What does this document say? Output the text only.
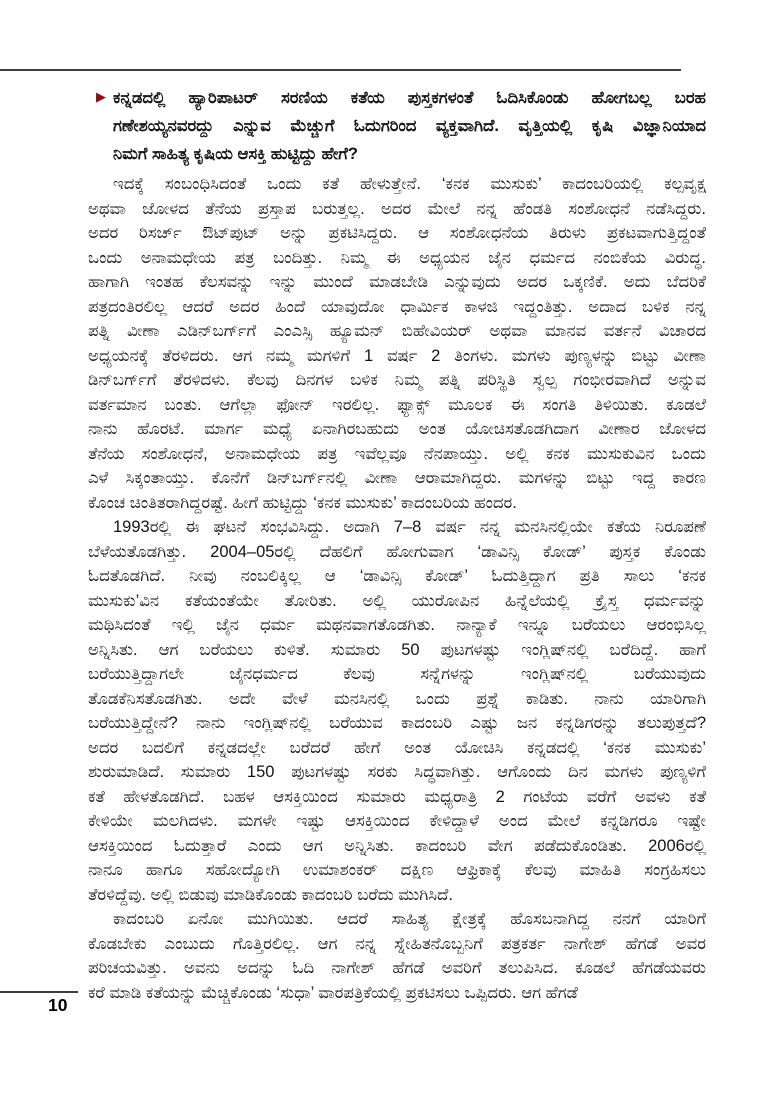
▶ ಕನ್ನಡದಲ್ಲಿ ಹ್ಯಾರಿಪಾಟರ್ ಸರಣಿಯ ಕತೆಯ ಪುಸ್ತಕಗಳಂತೆ ಓದಿಸಿಕೊಂಡು ಹೋಗಬಲ್ಲ ಬರಹ
ಗಣೇಶಯ್ಯನವರದ್ದು ಎನ್ನುವ ಮೆಚ್ಚುಗೆ ಓದುಗರಿಂದ ವ್ಯಕ್ತವಾಗಿದೆ. ವೃತ್ತಿಯಲ್ಲಿ ಕೃಷಿ ವಿಜ್ಞಾನಿಯಾದ
ನಿಮಗೆ ಸಾಹಿತ್ಯ ಕೃಷಿಯ ಆಸಕ್ತಿ ಹುಟ್ಟಿದ್ದು ಹೇಗೆ?
ಇದಕ್ಕೆ ಸಂಬಂಧಿಸಿದಂತೆ ಒಂದು ಕತೆ ಹೇಳುತ್ತೇನೆ. ‘ಕನಕ ಮುಸುಕು’ ಕಾದಂಬರಿಯಲ್ಲಿ ಕಲ್ಪವೃಕ್ಷ
ಅಥವಾ ಜೋಳದ ತೆನೆಯ ಪ್ರಸ್ತಾಪ ಬರುತ್ತಲ್ಲ. ಅದರ ಮೇಲೆ ನನ್ನ ಹೆಂಡತಿ ಸಂಶೋಧನೆ ನಡೆಸಿದ್ದರು.
ಅದರ ರಿಸರ್ಚ್ ಔಟ್‌ಪುಟ್ ಅನ್ನು ಪ್ರಕಟಿಸಿದ್ದರು. ಆ ಸಂಶೋಧನೆಯ ತಿರುಳು ಪ್ರಕಟವಾಗುತ್ತಿದ್ದಂತೆ
ಒಂದು ಅನಾಮಧೇಯ ಪತ್ರ ಬಂದಿತ್ತು. ನಿಮ್ಮ ಈ ಅಧ್ಯಯನ ಜೈನ ಧರ್ಮದ ನಂಬಿಕೆಯ ವಿರುದ್ಧ.
ಹಾಗಾಗಿ ಇಂತಹ ಕೆಲಸವನ್ನು ಇನ್ನು ಮುಂದೆ ಮಾಡಬೇಡಿ ಎನ್ನುವುದು ಅದರ ಒಕ್ಕಣಿಕೆ. ಅದು ಬೆದರಿಕೆ
ಪತ್ರದಂತಿರಲಿಲ್ಲ ಆದರೆ ಅದರ ಹಿಂದೆ ಯಾವುದೋ ಧಾರ್ಮಿಕ ಕಾಳಜಿ ಇದ್ದಂತಿತ್ತು. ಅದಾದ ಬಳಿಕ ನನ್ನ
ಪತ್ನಿ ವೀಣಾ ಎಡಿನ್‌ಬರ್ಗ್‌ಗೆ ಎಂಎಸ್ಸಿ ಹ್ಯೂಮನ್ ಬಿಹೇವಿಯರ್ ಅಥವಾ ಮಾನವ ವರ್ತನೆ ವಿಚಾರದ
ಅಧ್ಯಯನಕ್ಕೆ ತೆರಳಿದರು. ಆಗ ನಮ್ಮ ಮಗಳಿಗೆ 1 ವರ್ಷ 2 ತಿಂಗಳು. ಮಗಳು ಪುಣ್ಯಳನ್ನು ಬಿಟ್ಟು ವೀಣಾ
ಡಿನ್‌ಬರ್ಗ್‌ಗೆ ತೆರಳಿದಳು. ಕೆಲವು ದಿನಗಳ ಬಳಿಕ ನಿಮ್ಮ ಪತ್ನಿ ಪರಿಸ್ಥಿತಿ ಸ್ವಲ್ಪ ಗಂಭೀರವಾಗಿದೆ ಅನ್ನುವ
ವರ್ತಮಾನ ಬಂತು. ಆಗೆಲ್ಲಾ ಫೋನ್ ಇರಲಿಲ್ಲ. ಫ್ಯಾಕ್ಸ್ ಮೂಲಕ ಈ ಸಂಗತಿ ತಿಳಿಯಿತು. ಕೂಡಲೆ
ನಾನು ಹೊರಟೆ. ಮಾರ್ಗ ಮಧ್ಯೆ ಏನಾಗಿರಬಹುದು ಅಂತ ಯೋಚಿಸತೊಡಗಿದಾಗ ವೀಣಾರ ಜೋಳದ
ತೆನೆಯ ಸಂಶೋಧನೆ, ಅನಾಮಧೇಯ ಪತ್ರ ಇವೆಲ್ಲವೂ ನೆನಪಾಯ್ತು. ಅಲ್ಲಿ ಕನಕ ಮುಸುಕುವಿನ ಒಂದು
ಎಳೆ ಸಿಕ್ಕಂತಾಯ್ತು. ಕೊನೆಗೆ ಡಿನ್‌ಬರ್ಗ್‌ನಲ್ಲಿ ವೀಣಾ ಆರಾಮಾಗಿದ್ದರು. ಮಗಳನ್ನು ಬಿಟ್ಟು ಇದ್ದ ಕಾರಣ
ಕೊಂಚ ಚಿಂತಿತರಾಗಿದ್ದರಷ್ಟೆ. ಹೀಗೆ ಹುಟ್ಟಿದ್ದು ‘ಕನಕ ಮುಸುಕು’ ಕಾದಂಬರಿಯ ಹಂದರ.
1993ರಲ್ಲಿ ಈ ಘಟನೆ ಸಂಭವಿಸಿದ್ದು. ಅದಾಗಿ 7–8 ವರ್ಷ ನನ್ನ ಮನಸಿನಲ್ಲಿಯೇ ಕತೆಯ ನಿರೂಪಣೆ
ಬೆಳೆಯತೊಡಗಿತ್ತು. 2004–05ರಲ್ಲಿ ದೆಹಲಿಗೆ ಹೋಗುವಾಗ ‘ಡಾವಿನ್ಸಿ ಕೋಡ್’ ಪುಸ್ತಕ ಕೊಂಡು
ಓದತೊಡಗಿದೆ. ನೀವು ನಂಬಲಿಕ್ಕಿಲ್ಲ ಆ ‘ಡಾವಿನ್ಸಿ ಕೋಡ್’ ಓದುತ್ತಿದ್ದಾಗ ಪ್ರತಿ ಸಾಲು ‘ಕನಕ
ಮುಸುಕು’ವಿನ ಕತೆಯಂತೆಯೇ ತೋರಿತು. ಅಲ್ಲಿ ಯುರೋಪಿನ ಹಿನ್ನೆಲೆಯಲ್ಲಿ ಕ್ರೈಸ್ತ ಧರ್ಮವನ್ನು
ಮಥಿಸಿದಂತೆ ಇಲ್ಲಿ ಜೈನ ಧರ್ಮ ಮಥನವಾಗತೊಡಗಿತು. ನಾನ್ಯಾಕೆ ಇನ್ನೂ ಬರೆಯಲು ಆರಂಭಿಸಿಲ್ಲ
ಅನ್ನಿಸಿತು. ಆಗ ಬರೆಯಲು ಕುಳಿತೆ. ಸುಮಾರು 50 ಪುಟಗಳಷ್ಟು ಇಂಗ್ಲಿಷ್‌ನಲ್ಲಿ ಬರೆದಿದ್ದೆ. ಹಾಗೆ
ಬರೆಯುತ್ತಿದ್ದಾಗಲೇ ಜೈನಧರ್ಮದ ಕೆಲವು ಸನ್ನೆಗಳನ್ನು ಇಂಗ್ಲಿಷ್‌ನಲ್ಲಿ ಬರೆಯುವುದು
ತೊಡಕೆನಿಸತೊಡಗಿತು. ಅದೇ ವೇಳೆ ಮನಸಿನಲ್ಲಿ ಒಂದು ಪ್ರಶ್ನೆ ಕಾಡಿತು. ನಾನು ಯಾರಿಗಾಗಿ
ಬರೆಯುತ್ತಿದ್ದೇನೆ? ನಾನು ಇಂಗ್ಲಿಷ್‌ನಲ್ಲಿ ಬರೆಯುವ ಕಾದಂಬರಿ ಎಷ್ಟು ಜನ ಕನ್ನಡಿಗರನ್ನು ತಲುಪುತ್ತದೆ?
ಅದರ ಬದಲಿಗೆ ಕನ್ನಡದಲ್ಲೇ ಬರೆದರೆ ಹೇಗೆ ಅಂತ ಯೋಚಿಸಿ ಕನ್ನಡದಲ್ಲಿ ‘ಕನಕ ಮುಸುಕು’
ಶುರುಮಾಡಿದೆ. ಸುಮಾರು 150 ಪುಟಗಳಷ್ಟು ಸರಕು ಸಿದ್ಧವಾಗಿತ್ತು. ಆಗೊಂದು ದಿನ ಮಗಳು ಪುಣ್ಯಳಿಗೆ
ಕತೆ ಹೇಳತೊಡಗಿದೆ. ಬಹಳ ಆಸಕ್ತಿಯಿಂದ ಸುಮಾರು ಮಧ್ಯರಾತ್ರಿ 2 ಗಂಟೆಯ ವರೆಗೆ ಅವಳು ಕತೆ
ಕೇಳಿಯೇ ಮಲಗಿದಳು. ಮಗಳೇ ಇಷ್ಟು ಆಸಕ್ತಿಯಿಂದ ಕೇಳಿದ್ದಾಳೆ ಅಂದ ಮೇಲೆ ಕನ್ನಡಿಗರೂ ಇಷ್ಟೇ
ಆಸಕ್ತಿಯಿಂದ ಓದುತ್ತಾರೆ ಎಂದು ಆಗ ಅನ್ನಿಸಿತು. ಕಾದಂಬರಿ ವೇಗ ಪಡೆದುಕೊಂಡಿತು. 2006ರಲ್ಲಿ
ನಾನೂ ಹಾಗೂ ಸಹೋದ್ಯೋಗಿ ಉಮಾಶಂಕರ್ ದಕ್ಷಿಣ ಆಫ್ರಿಕಾಕ್ಕೆ ಕೆಲವು ಮಾಹಿತಿ ಸಂಗ್ರಹಿಸಲು
ತೆರಳಿದ್ದೆವು. ಅಲ್ಲಿ ಬಿಡುವು ಮಾಡಿಕೊಂಡು ಕಾದಂಬರಿ ಬರೆದು ಮುಗಿಸಿದೆ.
ಕಾದಂಬರಿ ಏನೋ ಮುಗಿಯಿತು. ಆದರೆ ಸಾಹಿತ್ಯ ಕ್ಷೇತ್ರಕ್ಕೆ ಹೊಸಬನಾಗಿದ್ದ ನನಗೆ ಯಾರಿಗೆ
ಕೊಡಬೇಕು ಎಂಬುದು ಗೊತ್ತಿರಲಿಲ್ಲ. ಆಗ ನನ್ನ ಸ್ನೇಹಿತನೊಬ್ಬನಿಗೆ ಪತ್ರಕರ್ತ ನಾಗೇಶ್ ಹೆಗಡೆ ಅವರ
ಪರಿಚಯವಿತ್ತು. ಅವನು ಅದನ್ನು ಓದಿ ನಾಗೇಶ್ ಹೆಗಡೆ ಅವರಿಗೆ ತಲುಪಿಸಿದ. ಕೂಡಲೆ ಹೆಗಡೆಯವರು
ಕರೆ ಮಾಡಿ ಕತೆಯನ್ನು ಮೆಚ್ಚಿಕೊಂಡು ‘ಸುಧಾ’ ವಾರಪತ್ರಿಕೆಯಲ್ಲಿ ಪ್ರಕಟಿಸಲು ಒಪ್ಪಿದರು. ಆಗ ಹೆಗಡೆ
10
